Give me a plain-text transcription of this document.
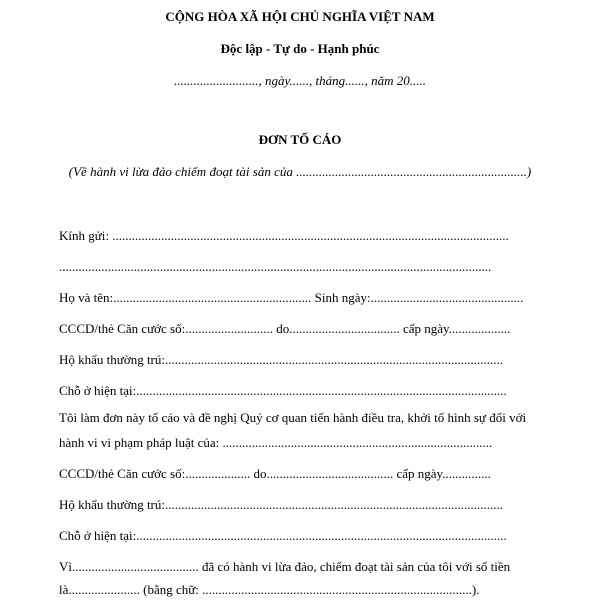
CỘNG HÒA XÃ HỘI CHỦ NGHĨA VIỆT NAM
Độc lập - Tự do - Hạnh phúc
.........................., ngày......, tháng......, năm 20.....
ĐƠN TỐ CÁO
(Về hành vi lừa đảo chiếm đoạt tài sản của .......................................................................)
Kính gửi: ..........................................................................................................................
.....................................................................................................................................
Họ và tên:............................................................. Sinh ngày:...............................................
CCCD/thẻ Căn cước số:........................... do.................................. cấp ngày...................
Hộ khẩu thường trú:........................................................................................................
Chỗ ở hiện tại:..................................................................................................................
Tôi làm đơn này tố cáo và đề nghị Quý cơ quan tiến hành điều tra, khởi tố hình sự đối với
hành vi vi phạm pháp luật của: ...................................................................................
CCCD/thẻ Căn cước số:.................... do....................................... cấp ngày...............
Hộ khẩu thường trú:........................................................................................................
Chỗ ở hiện tại:..................................................................................................................
Vì....................................... đã có hành vi lừa đảo, chiếm đoạt tài sản của tôi với số tiền
là...................... (bằng chữ: ...................................................................................).
